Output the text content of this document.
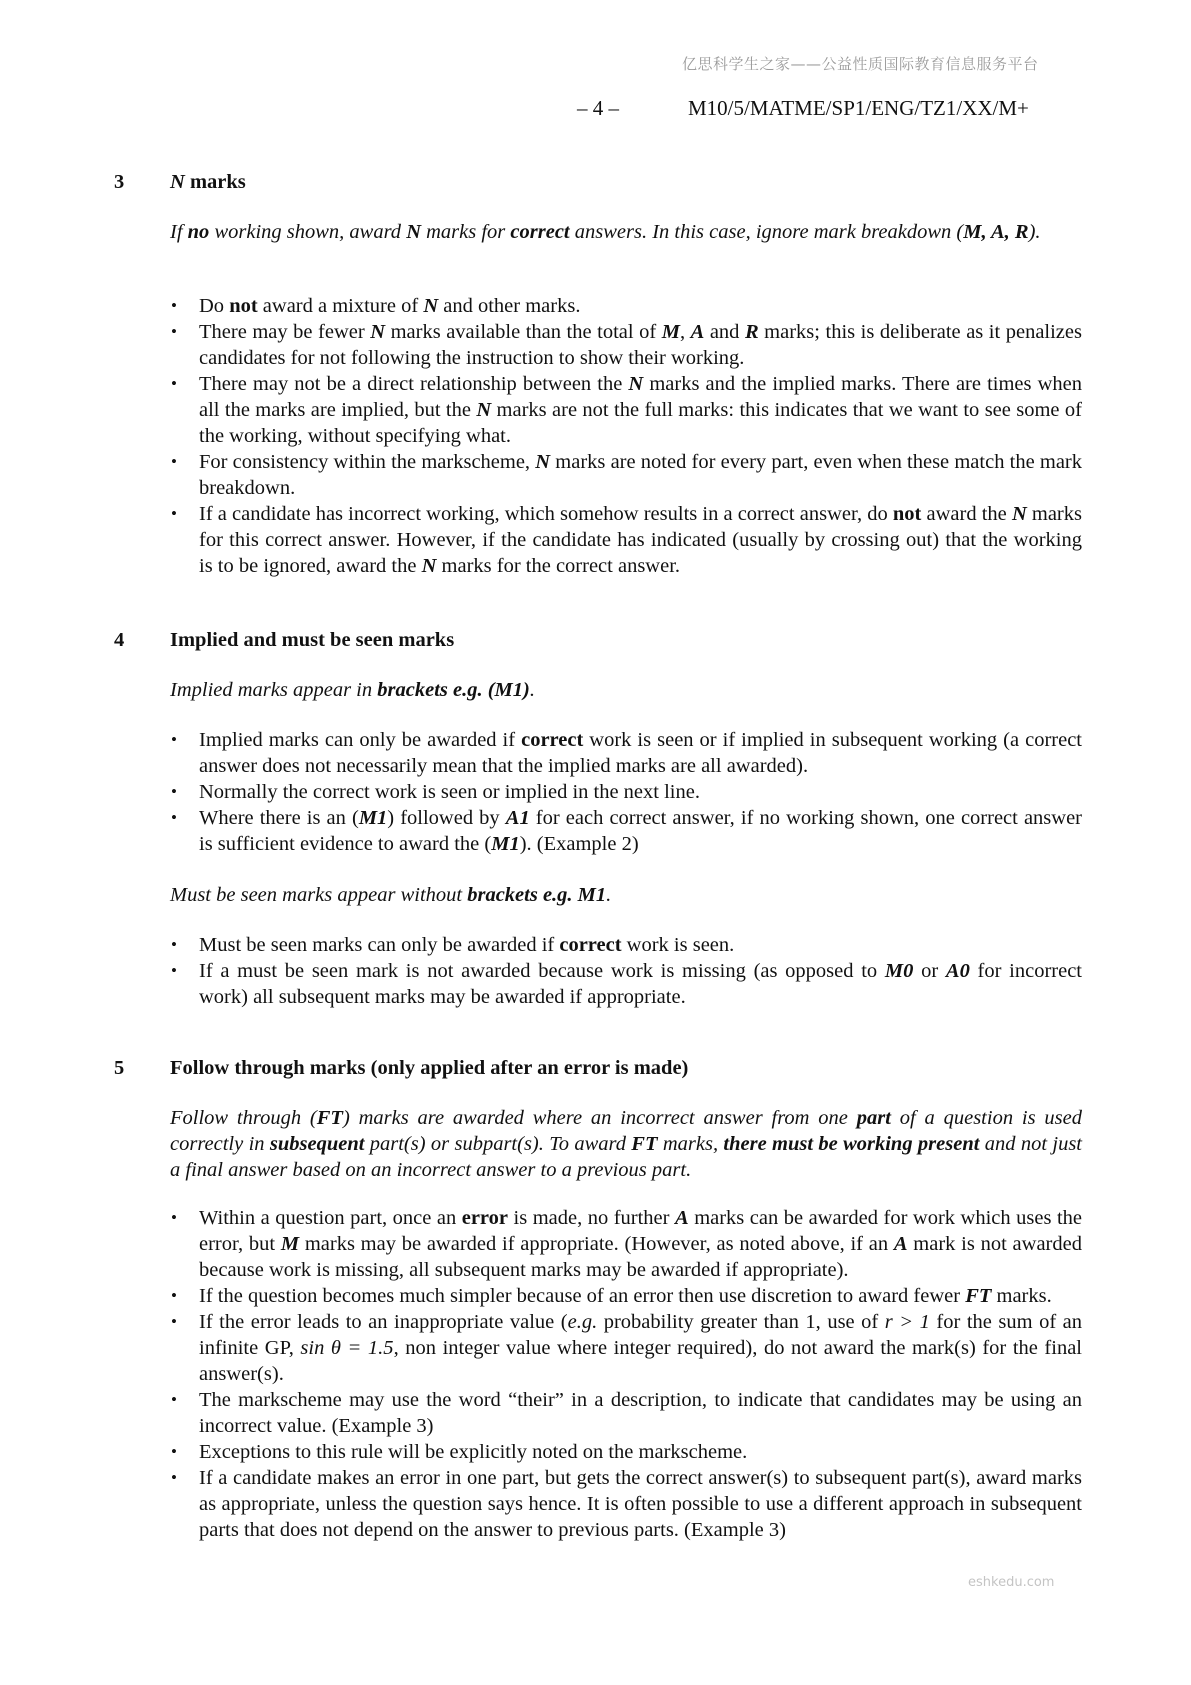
亿思科学生之家——公益性质国际教育信息服务平台
– 4 –	M10/5/MATME/SP1/ENG/TZ1/XX/M+
3 N marks
If no working shown, award N marks for correct answers. In this case, ignore mark breakdown (M, A, R).
• Do not award a mixture of N and other marks.
• There may be fewer N marks available than the total of M, A and R marks; this is deliberate as it penalizes candidates for not following the instruction to show their working.
• There may not be a direct relationship between the N marks and the implied marks. There are times when all the marks are implied, but the N marks are not the full marks: this indicates that we want to see some of the working, without specifying what.
• For consistency within the markscheme, N marks are noted for every part, even when these match the mark breakdown.
• If a candidate has incorrect working, which somehow results in a correct answer, do not award the N marks for this correct answer. However, if the candidate has indicated (usually by crossing out) that the working is to be ignored, award the N marks for the correct answer.
4 Implied and must be seen marks
Implied marks appear in brackets e.g. (M1).
• Implied marks can only be awarded if correct work is seen or if implied in subsequent working (a correct answer does not necessarily mean that the implied marks are all awarded).
• Normally the correct work is seen or implied in the next line.
• Where there is an (M1) followed by A1 for each correct answer, if no working shown, one correct answer is sufficient evidence to award the (M1). (Example 2)
Must be seen marks appear without brackets e.g. M1.
• Must be seen marks can only be awarded if correct work is seen.
• If a must be seen mark is not awarded because work is missing (as opposed to M0 or A0 for incorrect work) all subsequent marks may be awarded if appropriate.
5 Follow through marks (only applied after an error is made)
Follow through (FT) marks are awarded where an incorrect answer from one part of a question is used correctly in subsequent part(s) or subpart(s). To award FT marks, there must be working present and not just a final answer based on an incorrect answer to a previous part.
• Within a question part, once an error is made, no further A marks can be awarded for work which uses the error, but M marks may be awarded if appropriate. (However, as noted above, if an A mark is not awarded because work is missing, all subsequent marks may be awarded if appropriate).
• If the question becomes much simpler because of an error then use discretion to award fewer FT marks.
• If the error leads to an inappropriate value (e.g. probability greater than 1, use of r > 1 for the sum of an infinite GP, sin θ = 1.5, non integer value where integer required), do not award the mark(s) for the final answer(s).
• The markscheme may use the word “their” in a description, to indicate that candidates may be using an incorrect value. (Example 3)
• Exceptions to this rule will be explicitly noted on the markscheme.
• If a candidate makes an error in one part, but gets the correct answer(s) to subsequent part(s), award marks as appropriate, unless the question says hence. It is often possible to use a different approach in subsequent parts that does not depend on the answer to previous parts. (Example 3)
eshkedu.com
